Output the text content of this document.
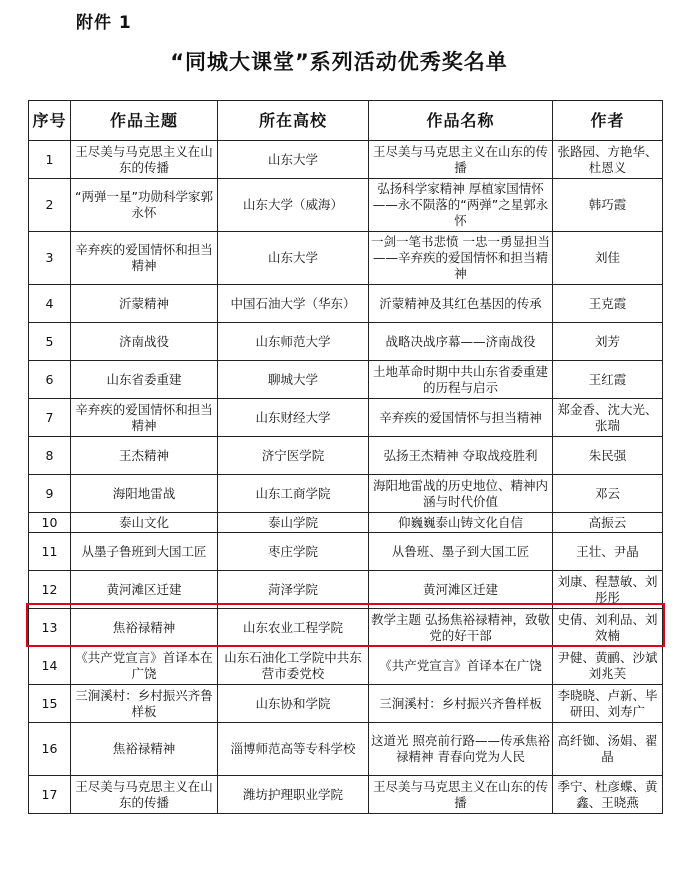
附件 1
“同城大课堂”系列活动优秀奖名单
序号	作品主题	所在高校	作品名称	作者
1	王尽美与马克思主义在山东的传播	山东大学	王尽美与马克思主义在山东的传播	张路园、方艳华、杜恩义
2	“两弹一星”功勋科学家郭永怀	山东大学（威海）	弘扬科学家精神 厚植家国情怀——永不陨落的“两弹”之星郭永怀	韩巧霞
3	辛弃疾的爱国情怀和担当精神	山东大学	一剑一笔书悲愤 一忠一勇显担当——辛弃疾的爱国情怀和担当精神	刘佳
4	沂蒙精神	中国石油大学（华东）	沂蒙精神及其红色基因的传承	王克霞
5	济南战役	山东师范大学	战略决战序幕——济南战役	刘芳
6	山东省委重建	聊城大学	土地革命时期中共山东省委重建的历程与启示	王红霞
7	辛弃疾的爱国情怀和担当精神	山东财经大学	辛弃疾的爱国情怀与担当精神	郑金香、沈大光、张瑞
8	王杰精神	济宁医学院	弘扬王杰精神 夺取战疫胜利	朱民强
9	海阳地雷战	山东工商学院	海阳地雷战的历史地位、精神内涵与时代价值	邓云
10	泰山文化	泰山学院	仰巍巍泰山铸文化自信	高振云
11	从墨子鲁班到大国工匠	枣庄学院	从鲁班、墨子到大国工匠	王壮、尹晶
12	黄河滩区迁建	菏泽学院	黄河滩区迁建	刘康、程慧敏、刘彤彤
13	焦裕禄精神	山东农业工程学院	教学主题 弘扬焦裕禄精神，致敬党的好干部	史倩、刘利品、刘效楠
14	《共产党宣言》首译本在广饶	山东石油化工学院中共东营市委党校	《共产党宣言》首译本在广饶	尹健、黄鹂、沙斌刘兆芙
15	三涧溪村：乡村振兴齐鲁样板	山东协和学院	三涧溪村：乡村振兴齐鲁样板	李晓晓、卢新、毕研田、刘寿广
16	焦裕禄精神	淄博师范高等专科学校	这道光 照亮前行路——传承焦裕禄精神 青春向党为人民	高纤铷、汤娟、翟晶
17	王尽美与马克思主义在山东的传播	潍坊护理职业学院	王尽美与马克思主义在山东的传播	季宁、杜彦蝶、黄鑫、王晓燕
